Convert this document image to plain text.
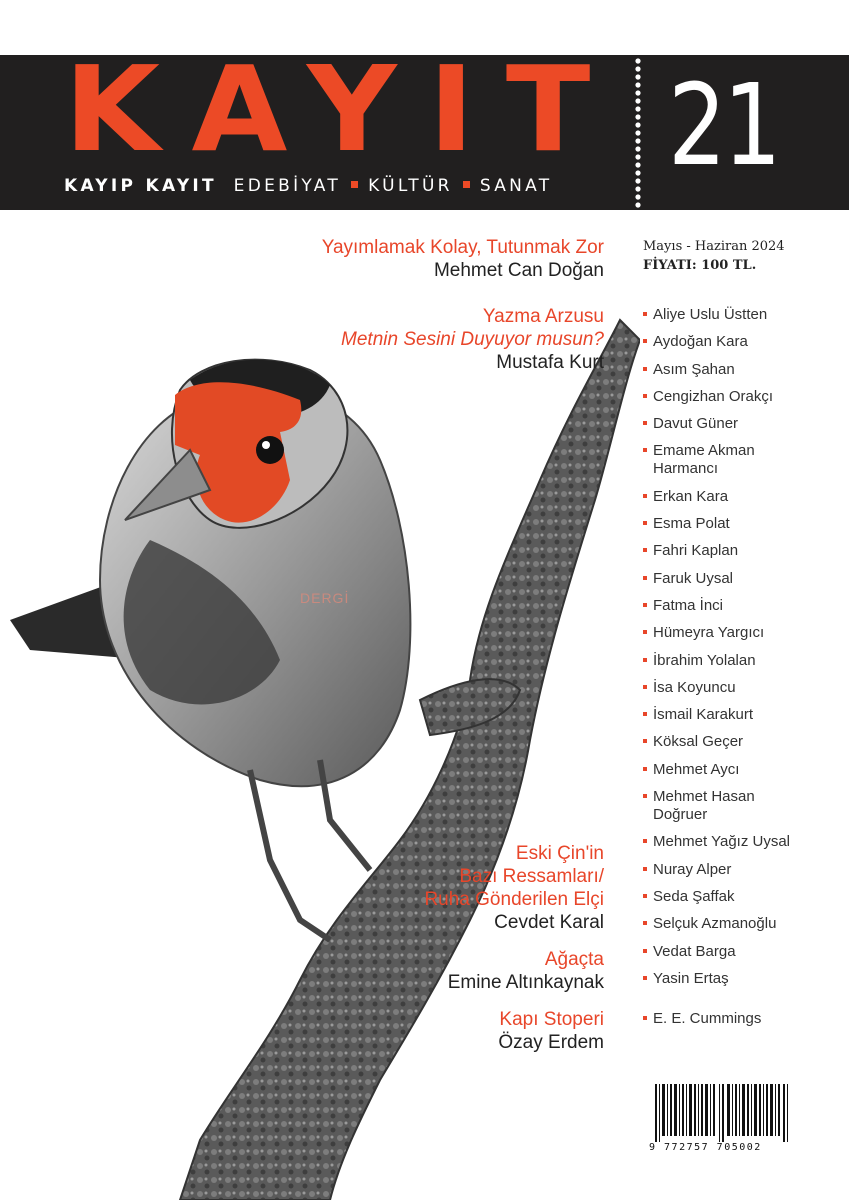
KAYIT
KAYIP KAYIT EDEBİYAT KÜLTÜR SANAT 21
DERGİ
Mayıs - Haziran 2024
FİYATI: 100 TL.
Yayımlamak Kolay, Tutunmak Zor
Mehmet Can Doğan
Yazma Arzusu
Metnin Sesini Duyuyor musun?
Mustafa Kurt
Eski Çin'in
Bazı Ressamları/
Ruha Gönderilen Elçi
Cevdet Karal
Ağaçta
Emine Altınkaynak
Kapı Stoperi
Özay Erdem
Aliye Uslu Üstten
Aydoğan Kara
Asım Şahan
Cengizhan Orakçı
Davut Güner
Emame Akman Harmancı
Erkan Kara
Esma Polat
Fahri Kaplan
Faruk Uysal
Fatma İnci
Hümeyra Yargıcı
İbrahim Yolalan
İsa Koyuncu
İsmail Karakurt
Köksal Geçer
Mehmet Aycı
Mehmet Hasan Doğruer
Mehmet Yağız Uysal
Nuray Alper
Seda Şaffak
Selçuk Azmanoğlu
Vedat Barga
Yasin Ertaş
E. E. Cummings
9 772757 705002
